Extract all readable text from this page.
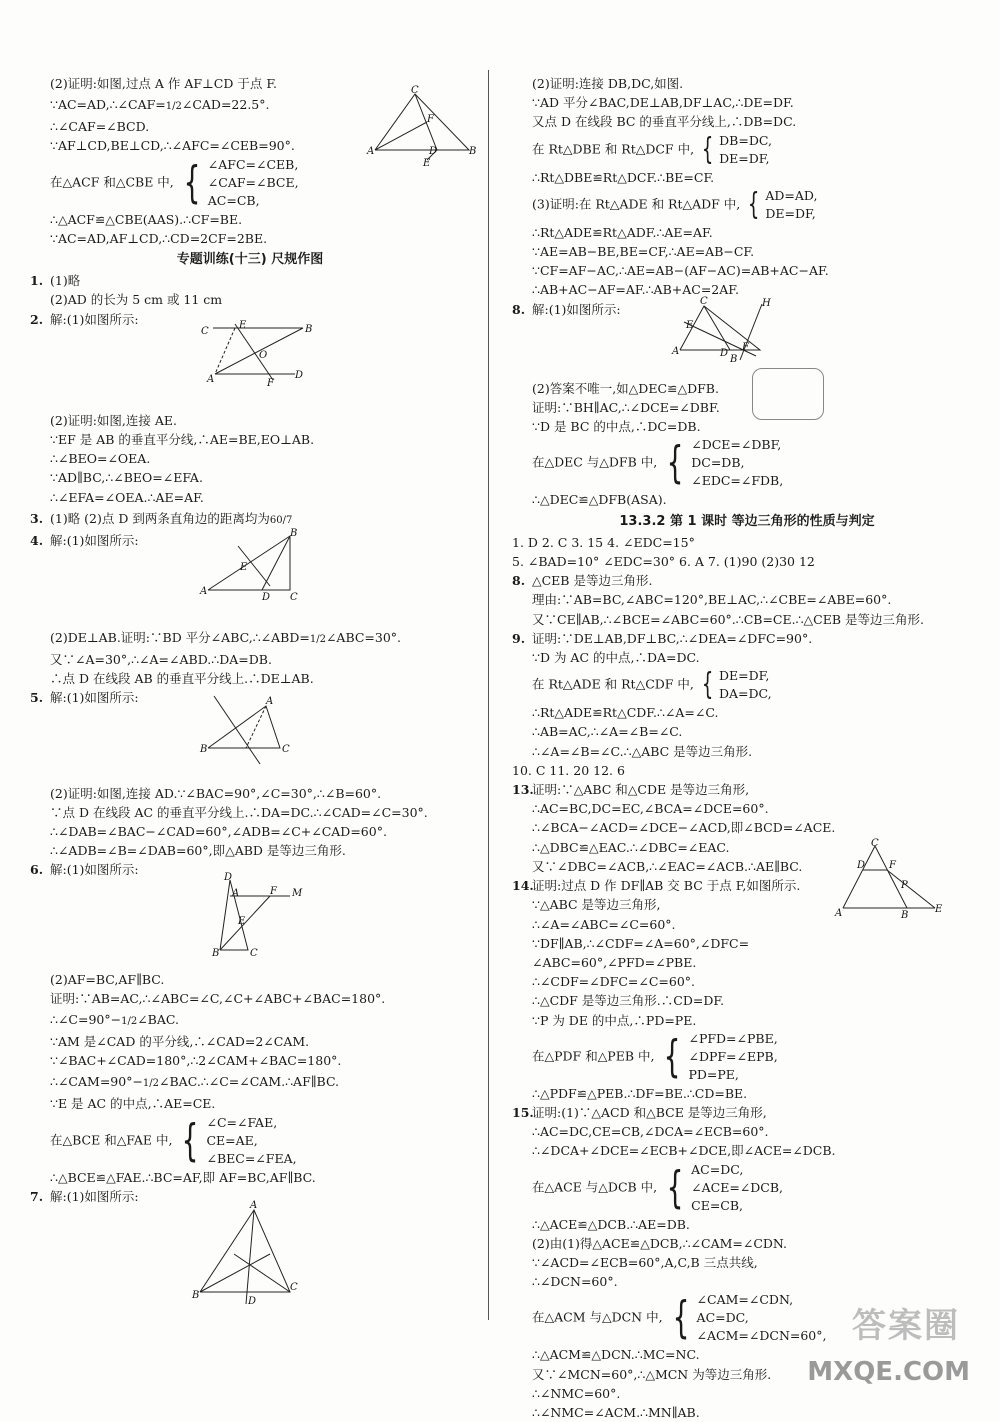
(2)证明:如图,过点 A 作 AF⊥CD 于点 F.
∵AC=AD,∴∠CAF=1/2∠CAD=22.5°.
∴∠CAF=∠BCD.
∵AF⊥CD,BE⊥CD,∴∠AFC=∠CEB=90°.
在△ACF 和△CBE 中, { ∠AFC=∠CEB,
∠CAF=∠BCE,
AC=CB,
∴△ACF≌△CBE(AAS).∴CF=BE.
∵AC=AD,AF⊥CD,∴CD=2CF=2BE.
专题训练(十三) 尺规作图
1. (1)略
(2)AD 的长为 5 cm 或 11 cm
2. 解:(1)如图所示:
(2)证明:如图,连接 AE.
∵EF 是 AB 的垂直平分线,∴AE=BE,EO⊥AB.
∴∠BEO=∠OEA.
∵AD∥BC,∴∠BEO=∠EFA.
∴∠EFA=∠OEA.∴AE=AF.
3. (1)略 (2)点 D 到两条直角边的距离均为60/7
4. 解:(1)如图所示:
(2)DE⊥AB.证明:∵BD 平分∠ABC,∴∠ABD=1/2∠ABC=30°.
又∵∠A=30°,∴∠A=∠ABD.∴DA=DB.
∴点 D 在线段 AB 的垂直平分线上.∴DE⊥AB.
5. 解:(1)如图所示:
(2)证明:如图,连接 AD.∵∠BAC=90°,∠C=30°,∴∠B=60°.
∵点 D 在线段 AC 的垂直平分线上.∴DA=DC.∴∠CAD=∠C=30°.
∴∠DAB=∠BAC−∠CAD=60°,∠ADB=∠C+∠CAD=60°.
∴∠ADB=∠B=∠DAB=60°,即△ABD 是等边三角形.
6. 解:(1)如图所示:
(2)AF=BC,AF∥BC.
证明:∵AB=AC,∴∠ABC=∠C,∠C+∠ABC+∠BAC=180°.
∴∠C=90°−1/2∠BAC.
∵AM 是∠CAD 的平分线,∴∠CAD=2∠CAM.
∵∠BAC+∠CAD=180°,∴2∠CAM+∠BAC=180°.
∴∠CAM=90°−1/2∠BAC.∴∠C=∠CAM.∴AF∥BC.
∵E 是 AC 的中点,∴AE=CE.
在△BCE 和△FAE 中, { ∠C=∠FAE,
CE=AE,
∠BEC=∠FEA,
∴△BCE≌△FAE.∴BC=AF,即 AF=BC,AF∥BC.
7. 解:(1)如图所示:
C
A	B
D
E
F
C
E	B
A
O
F
D
A
B
C
E
D
B
A
C
D
A	F M
B	C
E
A
B
C
D
(2)证明:连接 DB,DC,如图.
∵AD 平分∠BAC,DE⊥AB,DF⊥AC,∴DE=DF.
又点 D 在线段 BC 的垂直平分线上,∴DB=DC.
在 Rt△DBE 和 Rt△DCF 中, { DB=DC,
DE=DF,
∴Rt△DBE≌Rt△DCF.∴BE=CF.
(3)证明:在 Rt△ADE 和 Rt△ADF 中, { AD=AD,
DE=DF,
∴Rt△ADE≌Rt△ADF.∴AE=AF.
∵AE=AB−BE,BE=CF,∴AE=AB−CF.
∵CF=AF−AC,∴AE=AB−(AF−AC)=AB+AC−AF.
∴AB+AC−AF=AF.∴AB+AC=2AF.
8. 解:(1)如图所示:
(2)答案不唯一,如△DEC≌△DFB.
证明:∵BH∥AC,∴∠DCE=∠DBF.
∵D 是 BC 的中点,∴DC=DB.
在△DEC 与△DFB 中, { ∠DCE=∠DBF,
DC=DB,
∠EDC=∠FDB,
∴△DEC≌△DFB(ASA).
13.3.2 第 1 课时 等边三角形的性质与判定
1. D 2. C 3. 15 4. ∠EDC=15°
5. ∠BAD=10° ∠EDC=30° 6. A 7. (1)90 (2)30 12
8. △CEB 是等边三角形.
理由:∵AB=BC,∠ABC=120°,BE⊥AC,∴∠CBE=∠ABE=60°.
又∵CE∥AB,∴∠BCE=∠ABC=60°.∴CB=CE.∴△CEB 是等边三角形.
9. 证明:∵DE⊥AB,DF⊥BC,∴∠DEA=∠DFC=90°.
∵D 为 AC 的中点,∴DA=DC.
在 Rt△ADE 和 Rt△CDF 中, { DE=DF,
DA=DC,
∴Rt△ADE≌Rt△CDF.∴∠A=∠C.
∴AB=AC,∴∠A=∠B=∠C.
∴∠A=∠B=∠C.∴△ABC 是等边三角形.
10. C 11. 20 12. 6
13.证明:∵△ABC 和△CDE 是等边三角形,
∴AC=BC,DC=EC,∠BCA=∠DCE=60°.
∴∠BCA−∠ACD=∠DCE−∠ACD,即∠BCD=∠ACE.
∴△DBC≌△EAC.∴∠DBC=∠EAC.
又∵∠DBC=∠ACB,∴∠EAC=∠ACB.∴AE∥BC.
14.证明:过点 D 作 DF∥AB 交 BC 于点 F,如图所示.
∵△ABC 是等边三角形,
∴∠A=∠ABC=∠C=60°.
∵DF∥AB,∴∠CDF=∠A=60°,∠DFC=
∠ABC=60°,∠PFD=∠PBE.
∴∠CDF=∠DFC=∠C=60°.
∴△CDF 是等边三角形.∴CD=DF.
∵P 为 DE 的中点,∴PD=PE.
在△PDF 和△PEB 中, { ∠PFD=∠PBE,
∠DPF=∠EPB,
PD=PE,
∴△PDF≌△PEB.∴DF=BE.∴CD=BE.
15.证明:(1)∵△ACD 和△BCE 是等边三角形,
∴AC=DC,CE=CB,∠DCA=∠ECB=60°.
∴∠DCA+∠DCE=∠ECB+∠DCE,即∠ACE=∠DCB.
在△ACE 与△DCB 中, { AC=DC,
∠ACE=∠DCB,
CE=CB,
∴△ACE≌△DCB.∴AE=DB.
(2)由(1)得△ACE≌△DCB,∴∠CAM=∠CDN.
∵∠ACD=∠ECB=60°,A,C,B 三点共线,
∴∠DCN=60°.
在△ACM 与△DCN 中, { ∠CAM=∠CDN,
AC=DC,
∠ACM=∠DCN=60°,
∴△ACM≌△DCN.∴MC=NC.
又∵∠MCN=60°,∴△MCN 为等边三角形.
∴∠NMC=60°.
∴∠NMC=∠ACM.∴MN∥AB.
C
A
E
D
B
F
H
C
A	B
E
F
P
D
答案圈
MXQE.COM
